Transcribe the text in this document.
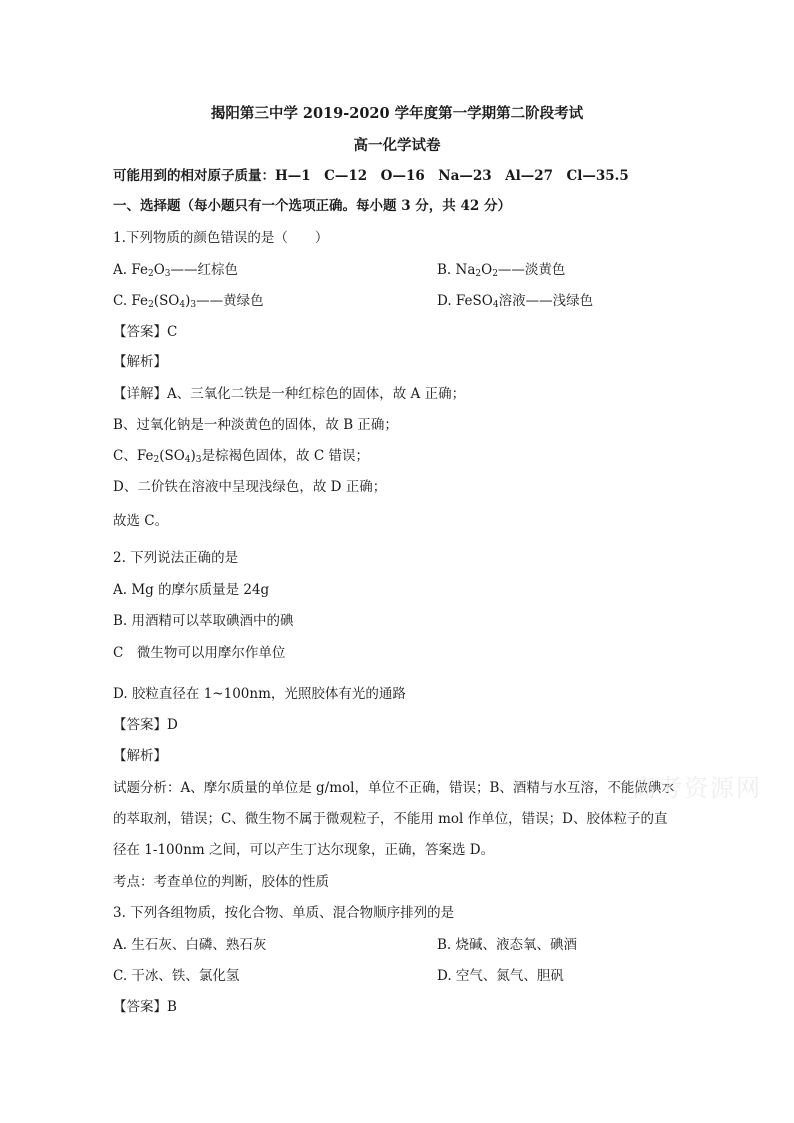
揭阳第三中学 2019-2020 学年度第一学期第二阶段考试
高一化学试卷
可能用到的相对原子质量：H—1　C—12　O—16　Na—23　Al—27　Cl—35.5
一、选择题（每小题只有一个选项正确。每小题 3 分，共 42 分）
1.下列物质的颜色错误的是（　　）
A. $Fe_2O_3——$红棕色	B. $Na_2O_2——$淡黄色
C. $Fe_2(SO_4)_3——$黄绿色	D. FeSO$_4$溶液——浅绿色
【答案】C
【解析】
【详解】A、三氧化二铁是一种红棕色的固体，故 A 正确；
B、过氧化钠是一种淡黄色的固体，故 B 正确；
C、$Fe_2(SO_4)_3$是棕褐色固体，故 C 错误；
D、二价铁在溶液中呈现浅绿色，故 D 正确；
故选 C。
2. 下列说法正确的是
A. Mg 的摩尔质量是 24g
B. 用酒精可以萃取碘酒中的碘
C　微生物可以用摩尔作单位
D. 胶粒直径在 1~100nm，光照胶体有光的通路
【答案】D
【解析】
试题分析：A、摩尔质量的单位是 g/mol，单位不正确，错误；B、酒精与水互溶，不能做碘水
的萃取剂，错误；C、微生物不属于微观粒子，不能用 mol 作单位，错误；D、胶体粒子的直
径在 1-100nm 之间，可以产生丁达尔现象，正确，答案选 D。
考点：考查单位的判断，胶体的性质
3. 下列各组物质，按化合物、单质、混合物顺序排列的是
A. 生石灰、白磷、熟石灰	B. 烧碱、液态氧、碘酒
C. 干冰、铁、氯化氢	D. 空气、氮气、胆矾
【答案】B
高考资源网
